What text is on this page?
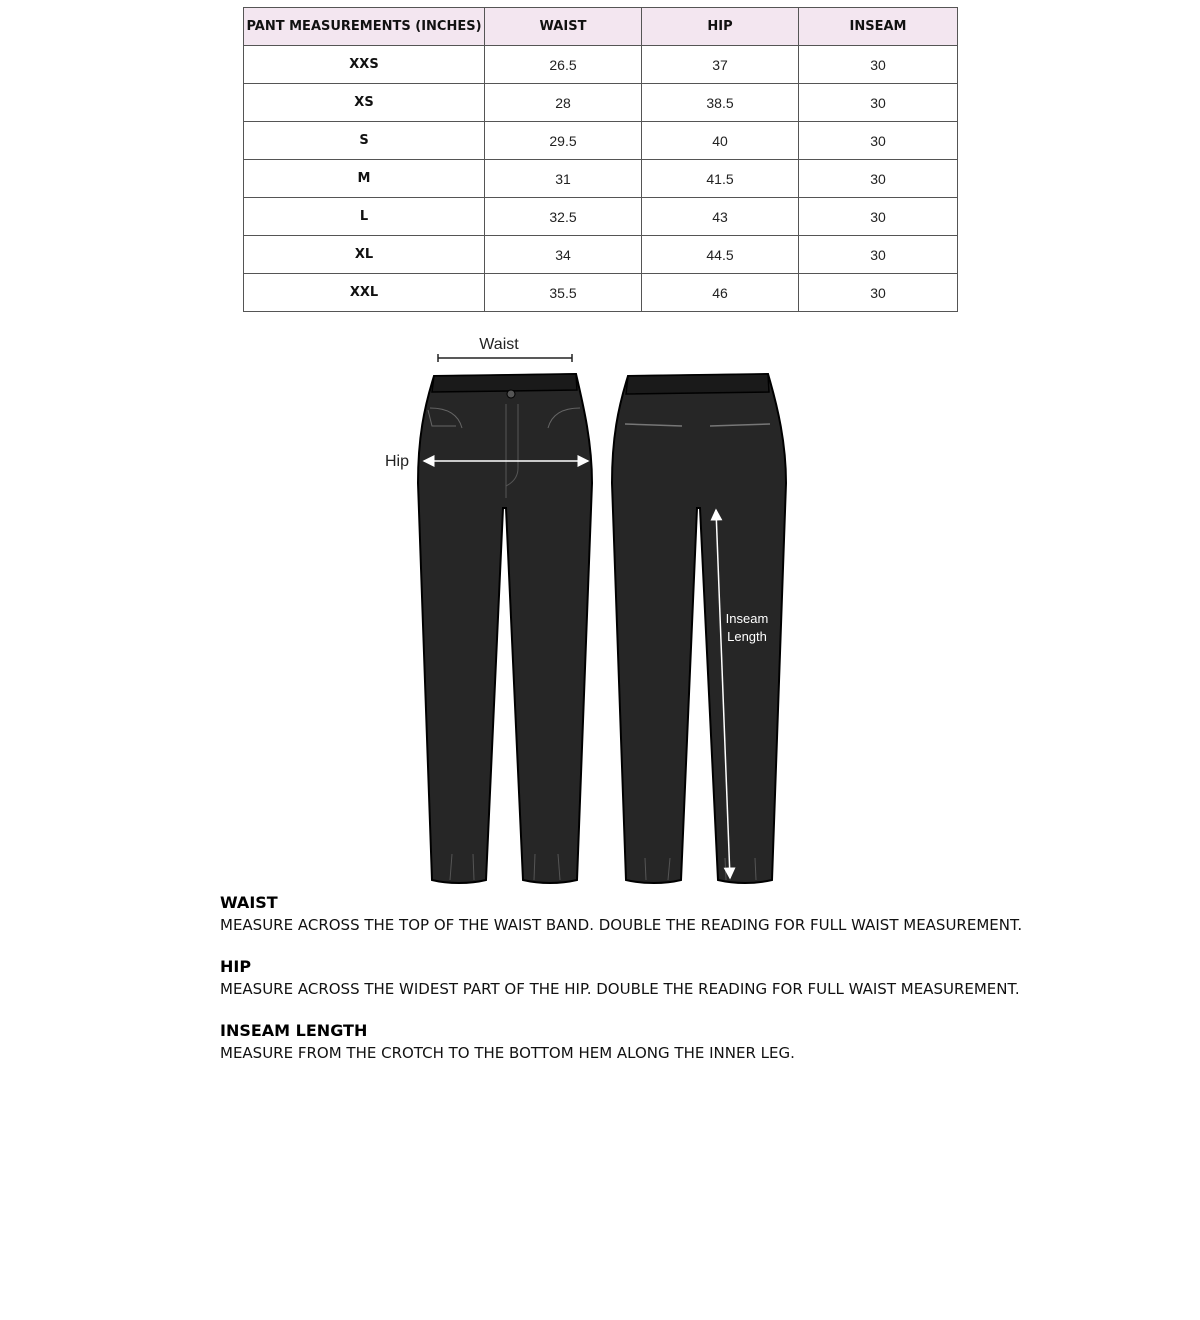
PANT MEASUREMENTS (INCHES)	WAIST	HIP	INSEAM
XXS	26.5	37	30
XS	28	38.5	30
S	29.5	40	30
M	31	41.5	30
L	32.5	43	30
XL	34	44.5	30
XXL	35.5	46	30
Waist
Hip
Inseam
Length
WAIST

MEASURE ACROSS THE TOP OF THE WAIST BAND. DOUBLE THE READING FOR FULL WAIST MEASUREMENT.

HIP

MEASURE ACROSS THE WIDEST PART OF THE HIP. DOUBLE THE READING FOR FULL WAIST MEASUREMENT.

INSEAM LENGTH

MEASURE FROM THE CROTCH TO THE BOTTOM HEM ALONG THE INNER LEG.
